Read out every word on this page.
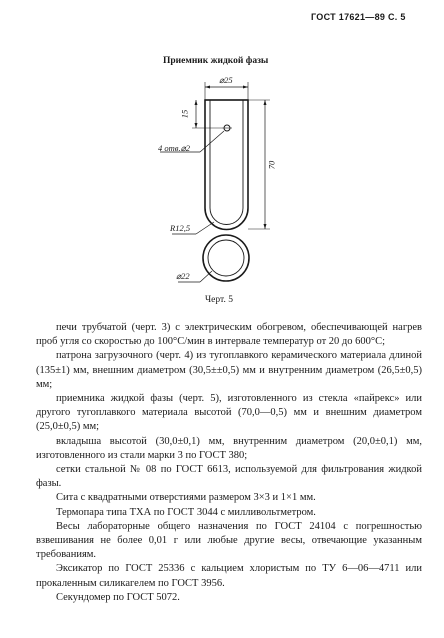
ГОСТ 17621—89 С. 5
Приемник жидкой фазы
⌀25
15
4 отв.⌀2
70
R12,5
⌀22
Черт. 5

печи трубчатой (черт. 3) с электрическим обогревом, обеспечивающей нагрев проб угля со скоростью до 100°С/мин в интервале температур от 20 до 600°С;

патрона загрузочного (черт. 4) из тугоплавкого керамического материала длиной (135±1) мм, внешним диаметром (30,5±±0,5) мм и внутренним диаметром (26,5±0,5) мм;

приемника жидкой фазы (черт. 5), изготовленного из стекла «пайрекс» или другого тугоплавкого материала высотой (70,0—0,5) мм и внешним диаметром (25,0±0,5) мм;

вкладыша высотой (30,0±0,1) мм, внутренним диаметром (20,0±0,1) мм, изготовленного из стали марки 3 по ГОСТ 380;

сетки стальной № 08 по ГОСТ 6613, используемой для фильтрования жидкой фазы.

Сита с квадратными отверстиями размером 3×3 и 1×1 мм.

Термопара типа ТХА по ГОСТ 3044 с милливольтметром.

Весы лабораторные общего назначения по ГОСТ 24104 с погрешностью взвешивания не более 0,01 г или любые другие весы, отвечающие указанным требованиям.

Эксикатор по ГОСТ 25336 с кальцием хлористым по ТУ 6—06—4711 или прокаленным силикагелем по ГОСТ 3956.

Секундомер по ГОСТ 5072.
